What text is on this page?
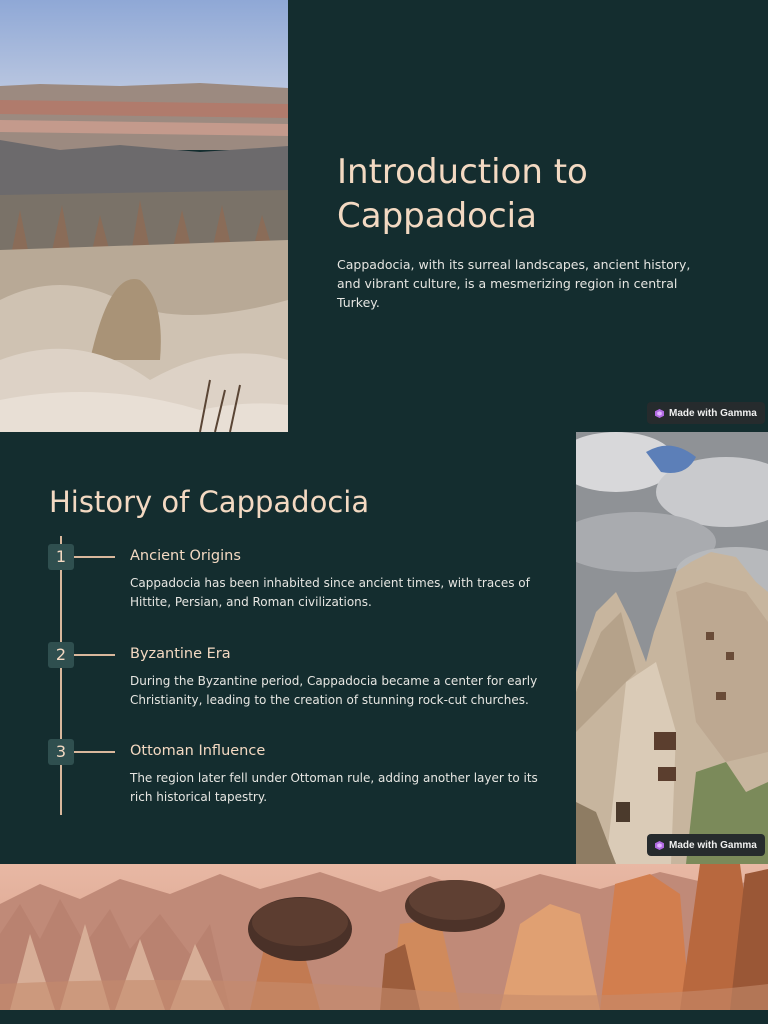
Introduction to Cappadocia

Cappadocia, with its surreal landscapes, ancient history, and vibrant culture, is a mesmerizing region in central Turkey.

Made with Gamma
History of Cappadocia
1	Ancient Origins
Cappadocia has been inhabited since ancient times, with traces of Hittite, Persian, and Roman civilizations.
2	Byzantine Era
During the Byzantine period, Cappadocia became a center for early Christianity, leading to the creation of stunning rock-cut churches.
3	Ottoman Influence
The region later fell under Ottoman rule, adding another layer to its rich historical tapestry.
Made with Gamma
